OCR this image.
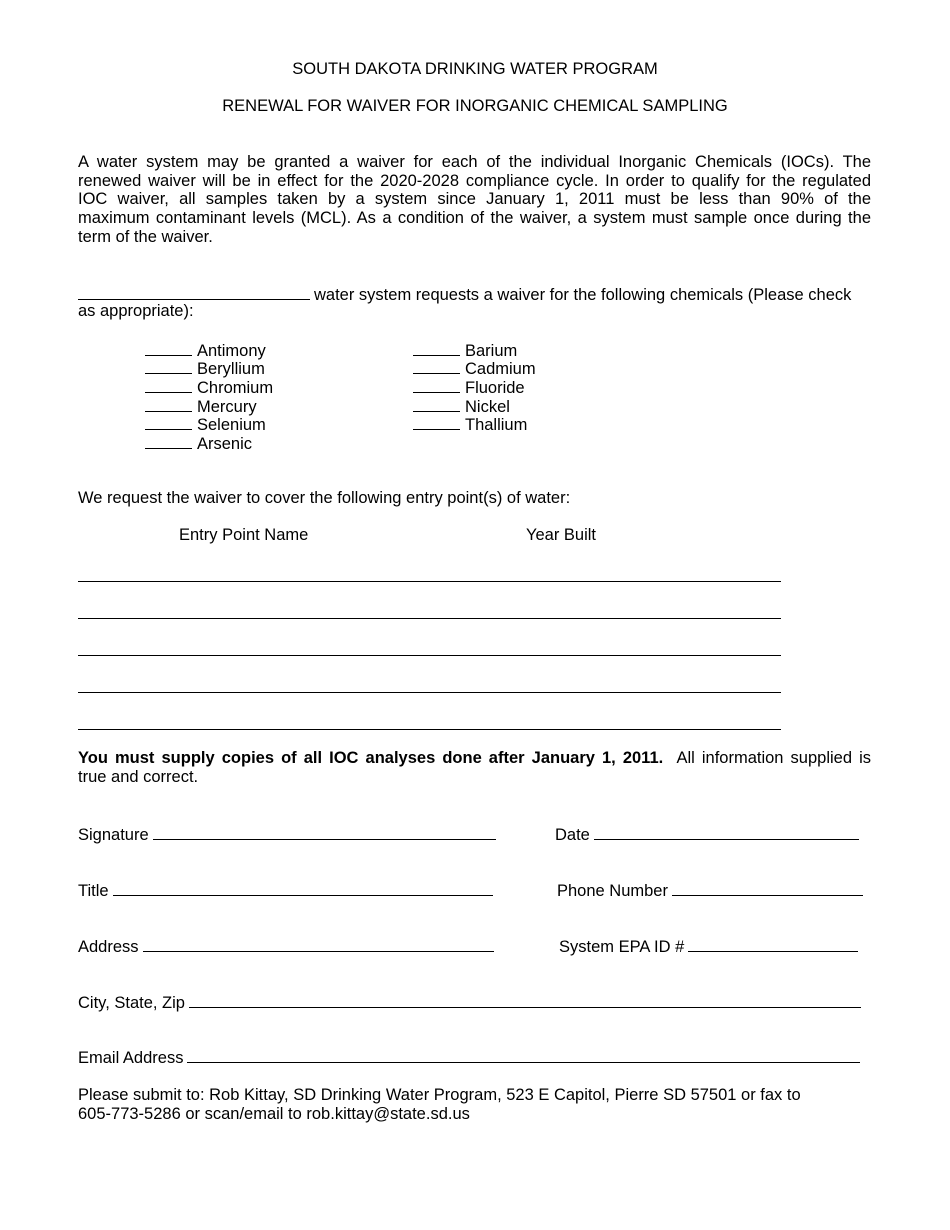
SOUTH DAKOTA DRINKING WATER PROGRAM
RENEWAL FOR WAIVER FOR INORGANIC CHEMICAL SAMPLING
A water system may be granted a waiver for each of the individual Inorganic Chemicals (IOCs). The
renewed waiver will be in effect for the 2020-2028 compliance cycle. In order to qualify for the regulated
IOC waiver, all samples taken by a system since January 1, 2011 must be less than 90% of the
maximum contaminant levels (MCL). As a condition of the waiver, a system must sample once during the
term of the waiver.
water system requests a waiver for the following chemicals (Please check
as appropriate):
Antimony
Beryllium
Chromium
Mercury
Selenium
Arsenic
Barium
Cadmium
Fluoride
Nickel
Thallium
We request the waiver to cover the following entry point(s) of water:
Entry Point Name	Year Built
You must supply copies of all IOC analyses done after January 1, 2011. All information supplied is
true and correct.
Signature	Date
Title	Phone Number
Address	System EPA ID #
City, State, Zip
Email Address
Please submit to: Rob Kittay, SD Drinking Water Program, 523 E Capitol, Pierre SD 57501 or fax to
605-773-5286 or scan/email to rob.kittay@state.sd.us
